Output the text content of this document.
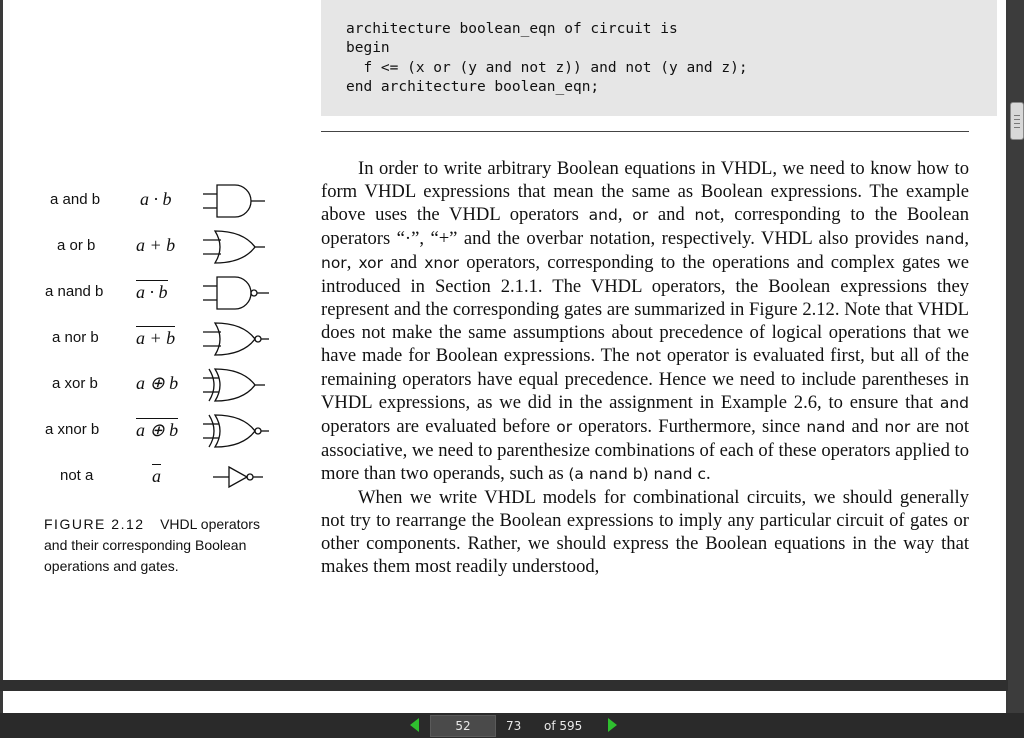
architecture boolean_eqn of circuit is
begin
f <= (x or (y and not z)) and not (y and z);
end architecture boolean_eqn;
a and b a · b
a or b a + b
a nand b a · b
a nor b a + b
a xor b a ⊕ b
a xnor b a ⊕ b
not a	a
FIGURE 2.12 VHDL operators and their corresponding Boolean operations and gates.

In order to write arbitrary Boolean equations in VHDL, we need to know how to form VHDL expressions that mean the same as Boolean expressions. The example above uses the VHDL operators and, or and not, corresponding to the Boolean operators “·”, “+” and the overbar notation, respectively. VHDL also provides nand, nor, xor and xnor operators, corresponding to the operations and complex gates we introduced in Section 2.1.1. The VHDL operators, the Boolean expressions they represent and the corresponding gates are summarized in Figure 2.12. Note that VHDL does not make the same assumptions about precedence of logical operations that we have made for Boolean expressions. The not operator is evaluated first, but all of the remaining operators have equal precedence. Hence we need to include parentheses in VHDL expressions, as we did in the assignment in Example 2.6, to ensure that and operators are evaluated before or operators. Furthermore, since nand and nor are not associative, we need to parenthesize combinations of each of these operators applied to more than two operands, such as (a nand b) nand c.

When we write VHDL models for combinational circuits, we should generally not try to rearrange the Boolean expressions to imply any particular circuit of gates or other components. Rather, we should express the Boolean equations in the way that makes them most readily understood,

52	73 of 595
